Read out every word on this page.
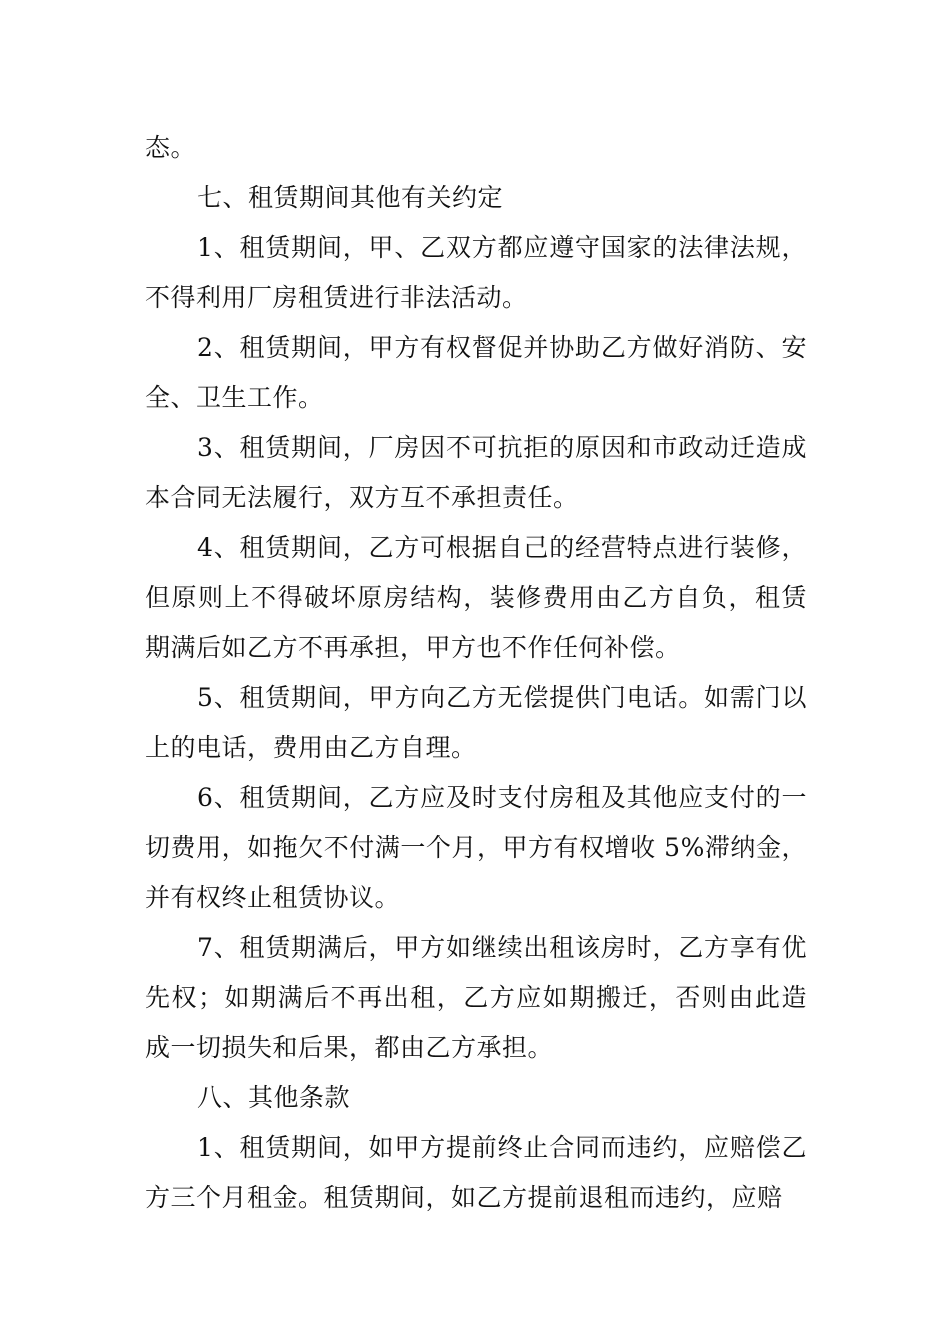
态。

七、租赁期间其他有关约定

1、租赁期间，甲、乙双方都应遵守国家的法律法规，不得利用厂房租赁进行非法活动。

2、租赁期间，甲方有权督促并协助乙方做好消防、安全、卫生工作。

3、租赁期间，厂房因不可抗拒的原因和市政动迁造成本合同无法履行，双方互不承担责任。

4、租赁期间，乙方可根据自己的经营特点进行装修，但原则上不得破坏原房结构，装修费用由乙方自负，租赁期满后如乙方不再承担，甲方也不作任何补偿。

5、租赁期间，甲方向乙方无偿提供门电话。如需门以上的电话，费用由乙方自理。

6、租赁期间，乙方应及时支付房租及其他应支付的一切费用，如拖欠不付满一个月，甲方有权增收 5%滞纳金，并有权终止租赁协议。

7、租赁期满后，甲方如继续出租该房时，乙方享有优先权；如期满后不再出租，乙方应如期搬迁，否则由此造成一切损失和后果，都由乙方承担。

八、其他条款

1、租赁期间，如甲方提前终止合同而违约，应赔偿乙方三个月租金。租赁期间，如乙方提前退租而违约，应赔
